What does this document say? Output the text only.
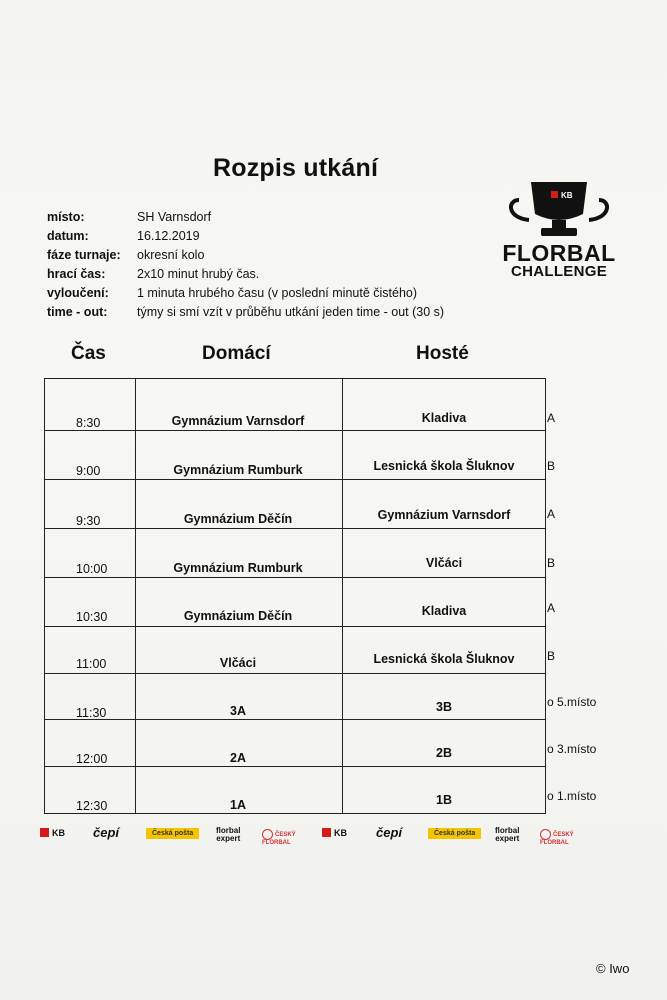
Rozpis utkání
místo:	SH Varnsdorf
datum:	16.12.2019
fáze turnaje: okresní kolo
hrací čas:	2x10 minut hrubý čas.
vyloučení: 1 minuta hrubého času (v poslední minutě čistého)
time - out: týmy si smí vzít v průběhu utkání jeden time - out (30 s)
KB
FLORBAL
CHALLENGE
Čas	Domácí	Hosté
8:30	Gymnázium Varnsdorf	Kladiva	A
9:00	Gymnázium Rumburk	Lesnická škola Šluknov	B
9:30	Gymnázium Děčín	Gymnázium Varnsdorf	A
10:00	Gymnázium Rumburk	Vlčáci	B
10:30	Gymnázium Děčín	Kladiva	A
11:00	Vlčáci	Lesnická škola Šluknov	B
11:30	3A	3B	o 5.místo
12:00	2A	2B	o 3.místo
12:30	1A	1B	o 1.místo
KB čepí	Česká pošta	florbal
expert	ČESKÝ
FLORBAL
KB čepí	Česká pošta	florbal
expert	ČESKÝ
FLORBAL
© Iwo
